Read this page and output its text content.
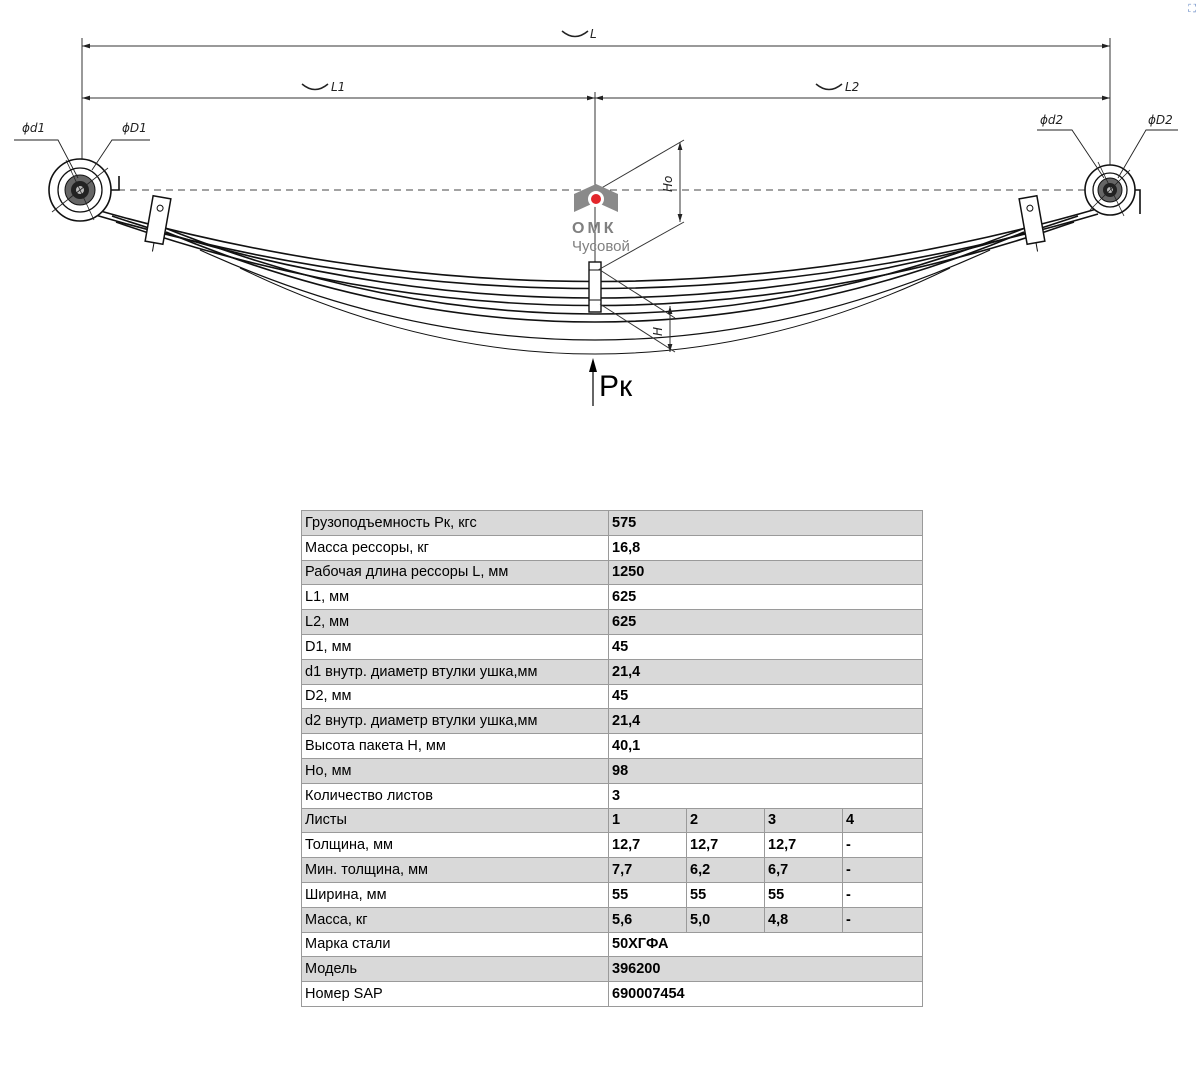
⛶
L
L1	L2
ϕd1	ϕD1
ϕd2	ϕD2
Ho
H
ОМК
Чусовой
Рк
Грузоподъемность Рк, кгс	575			
Масса рессоры, кг	16,8			
Рабочая длина рессоры L, мм	1250			
L1, мм	625			
L2, мм	625			
D1, мм	45			
d1 внутр. диаметр втулки ушка,мм	21,4			
D2, мм	45			
d2 внутр. диаметр втулки ушка,мм	21,4			
Высота пакета H, мм	40,1			
Ho, мм	98			
Количество листов	3			
Листы	1	2	3	4
Толщина, мм	12,7	12,7	12,7	-
Мин. толщина, мм	7,7	6,2	6,7	-
Ширина, мм	55	55	55	-
Масса, кг	5,6	5,0	4,8	-
Марка стали	50ХГФА			
Модель	396200			
Номер SAP	690007454			
